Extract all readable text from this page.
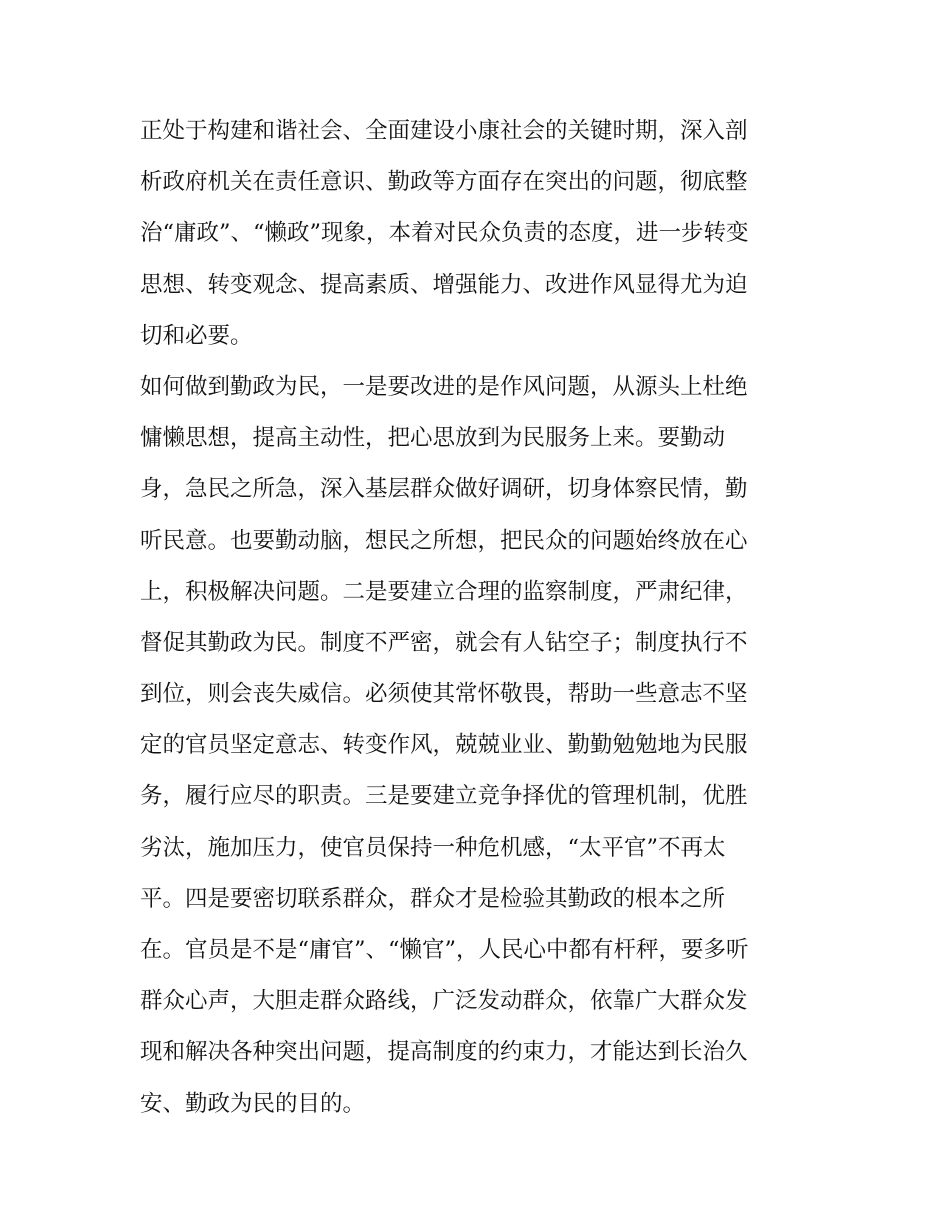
正处于构建和谐社会、全面建设小康社会的关键时期，深入剖
析政府机关在责任意识、勤政等方面存在突出的问题，彻底整
治“庸政”、“懒政”现象，本着对民众负责的态度，进一步转变
思想、转变观念、提高素质、增强能力、改进作风显得尤为迫
切和必要。
如何做到勤政为民，一是要改进的是作风问题，从源头上杜绝
慵懒思想，提高主动性，把心思放到为民服务上来。要勤动
身，急民之所急，深入基层群众做好调研，切身体察民情，勤
听民意。也要勤动脑，想民之所想，把民众的问题始终放在心
上，积极解决问题。二是要建立合理的监察制度，严肃纪律，
督促其勤政为民。制度不严密，就会有人钻空子；制度执行不
到位，则会丧失威信。必须使其常怀敬畏，帮助一些意志不坚
定的官员坚定意志、转变作风，兢兢业业、勤勤勉勉地为民服
务，履行应尽的职责。三是要建立竞争择优的管理机制，优胜
劣汰，施加压力，使官员保持一种危机感，“太平官”不再太
平。四是要密切联系群众，群众才是检验其勤政的根本之所
在。官员是不是“庸官”、“懒官”，人民心中都有杆秤，要多听
群众心声，大胆走群众路线，广泛发动群众，依靠广大群众发
现和解决各种突出问题，提高制度的约束力，才能达到长治久
安、勤政为民的目的。
